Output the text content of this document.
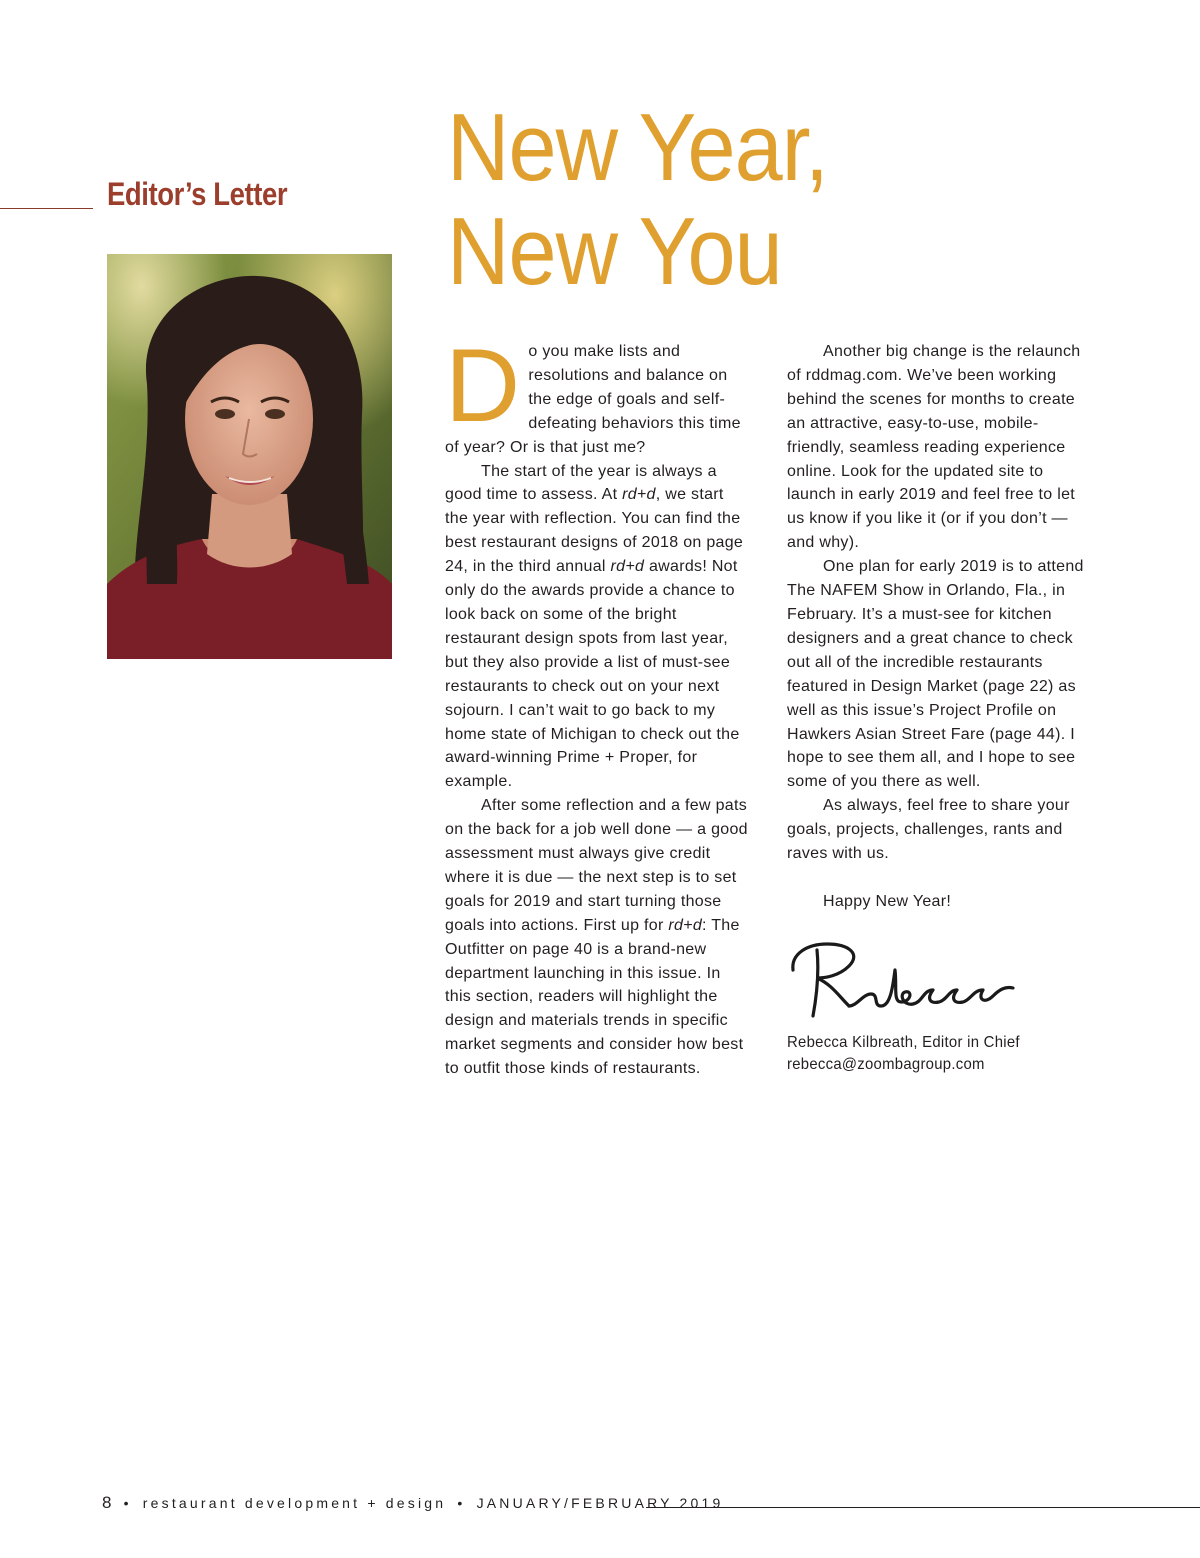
Editor’s Letter New Year,
New You

Do you make lists and resolutions and balance on the edge of goals and self-defeating behaviors this time of year? Or is that just me?

The start of the year is always a good time to assess. At rd+d, we start the year with reflection. You can find the best restaurant designs of 2018 on page 24, in the third annual rd+d awards! Not only do the awards provide a chance to look back on some of the bright restaurant design spots from last year, but they also provide a list of must-see restaurants to check out on your next sojourn. I can’t wait to go back to my home state of Michigan to check out the award-winning Prime + Proper, for example.

After some reflection and a few pats on the back for a job well done — a good assessment must always give credit where it is due — the next step is to set goals for 2019 and start turning those goals into actions. First up for rd+d: The Outfitter on page 40 is a brand-new department launching in this issue. In this section, readers will highlight the design and materials trends in specific market segments and consider how best to outfit those kinds of restaurants.

Another big change is the relaunch of rddmag.com. We’ve been working behind the scenes for months to create an attractive, easy-to-use, mobile-friendly, seamless reading experience online. Look for the updated site to launch in early 2019 and feel free to let us know if you like it (or if you don’t — and why).

One plan for early 2019 is to attend The NAFEM Show in Orlando, Fla., in February. It’s a must-see for kitchen designers and a great chance to check out all of the incredible restaurants featured in Design Market (page 22) as well as this issue’s Project Profile on Hawkers Asian Street Fare (page 44). I hope to see them all, and I hope to see some of you there as well.

As always, feel free to share your goals, projects, challenges, rants and raves with us.

Happy New Year!

Rebecca Kilbreath, Editor in Chief

rebecca@zoombagroup.com

8 • restaurant development + design • JANUARY/FEBRUARY 2019
